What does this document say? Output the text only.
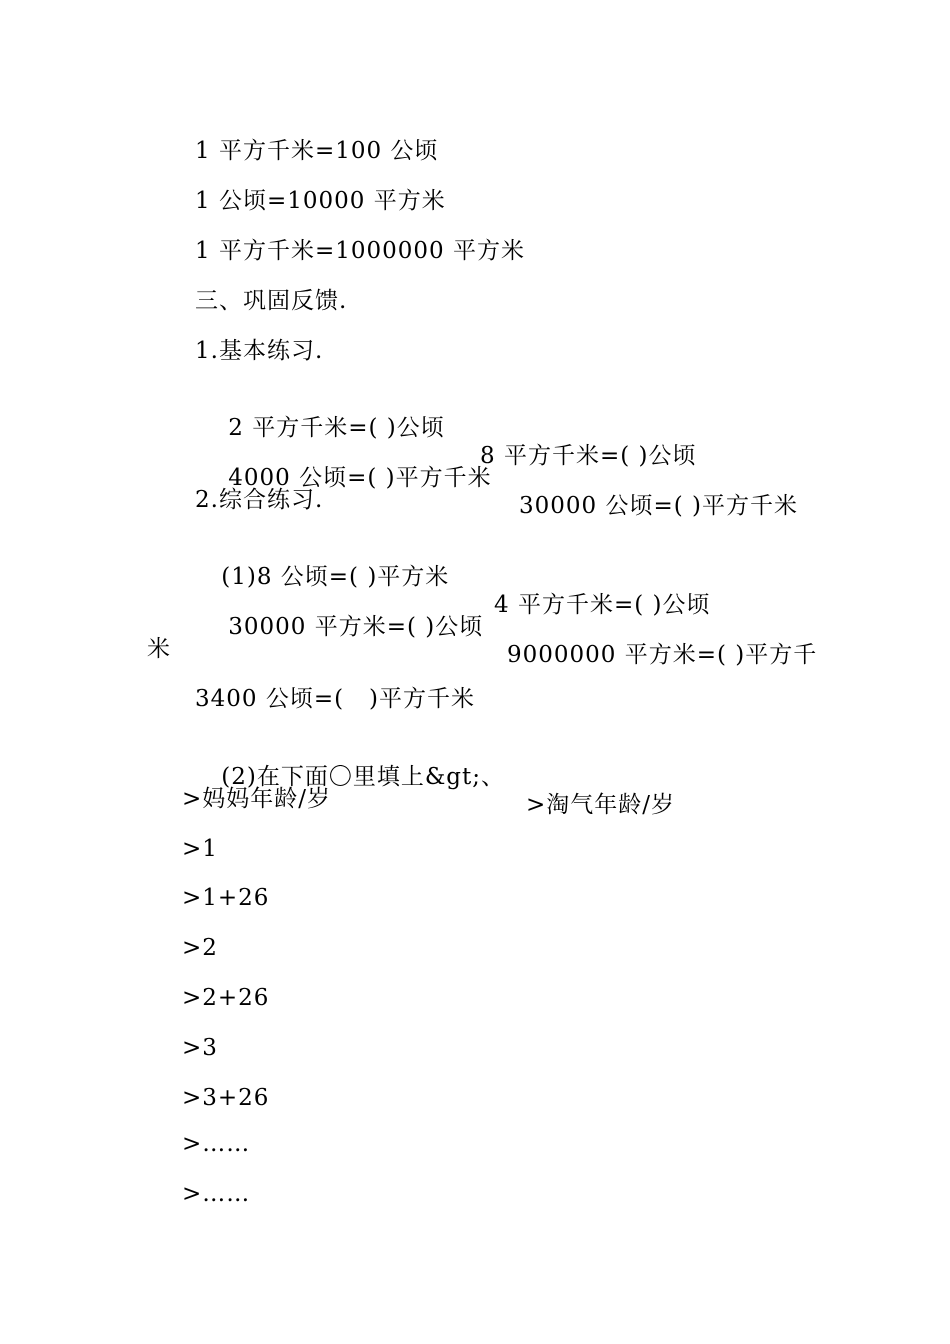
1 平方千米=100 公顷
1 公顷=10000 平方米
1 平方千米=1000000 平方米
三、巩固反馈.
1.基本练习.

2 平方千米=( )公顷

8 平方千米=( )公顷

4000 公顷=( )平方千米

30000 公顷=( )平方千米

2.综合练习.

(1)8 公顷=( )平方米

4 平方千米=( )公顷

30000 平方米=( )公顷

9000000 平方米=( )平方千

米
3400 公顷=(   )平方千米

(2)在下面〇里填上&gt;、

>淘气年龄/岁

>妈妈年龄/岁
>1
>1+26
>2
>2+26
>3
>3+26
>……
>……
